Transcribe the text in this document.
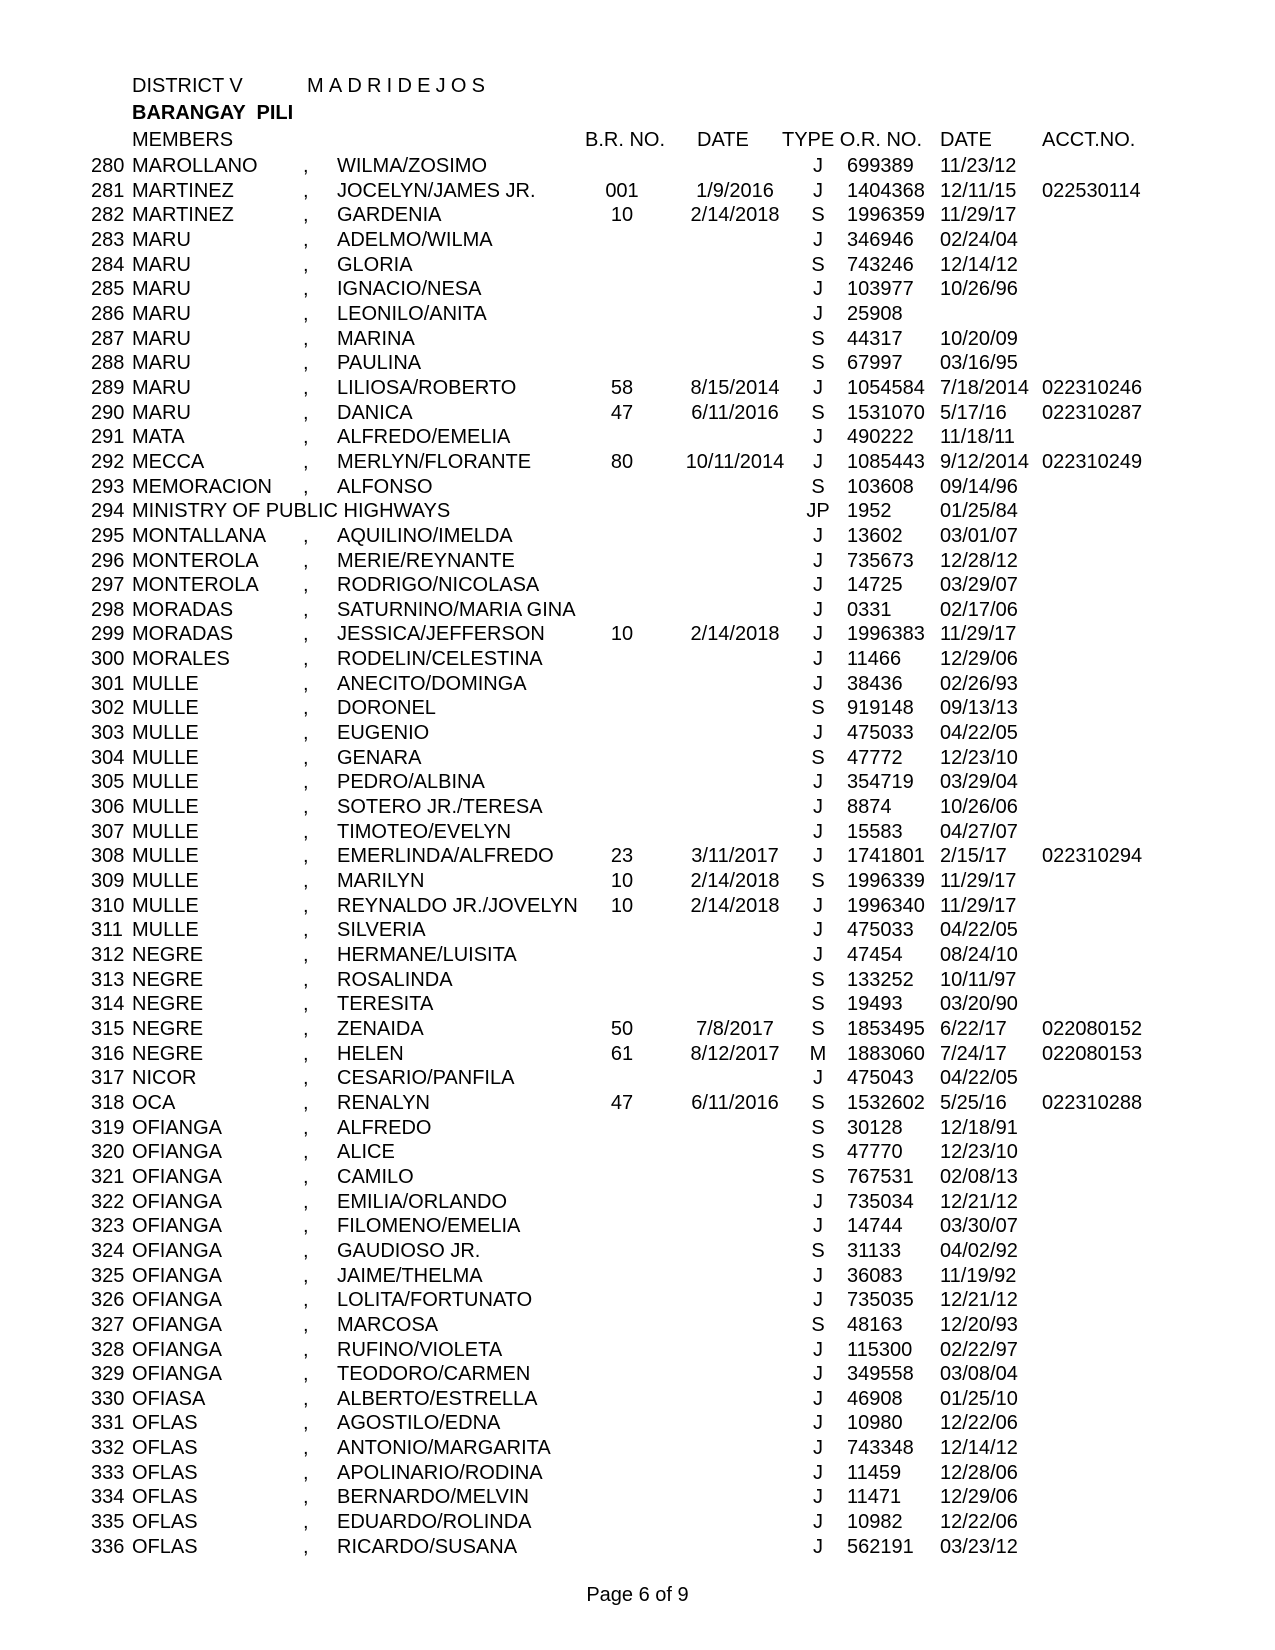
DISTRICT V	MADRIDEJOS
BARANGAY  PILI
MEMBERS	B.R. NO. DATE TYPE O.R. NO. DATE	ACCT.NO.
280 MAROLLANO , WILMA/ZOSIMO	J 699389 11/23/12
281 MARTINEZ	, JOCELYN/JAMES JR.	001	1/9/2016 J 1404368 12/11/15 022530114
282 MARTINEZ	, GARDENIA	10	2/14/2018 S 1996359 11/29/17
283 MARU	, ADELMO/WILMA	J 346946 02/24/04
284 MARU	, GLORIA	S 743246 12/14/12
285 MARU	, IGNACIO/NESA	J 103977 10/26/96
286 MARU	, LEONILO/ANITA	J 25908
287 MARU	, MARINA	S 44317 10/20/09
288 MARU	, PAULINA	S 67997 03/16/95
289 MARU	, LILIOSA/ROBERTO	58	8/15/2014 J 1054584 7/18/2014 022310246
290 MARU	, DANICA	47	6/11/2016 S 1531070 5/17/16 022310287
291 MATA	, ALFREDO/EMELIA	J 490222 11/18/11
292 MECCA	, MERLYN/FLORANTE	80	10/11/2014 J 1085443 9/12/2014 022310249
293 MEMORACION , ALFONSO	S 103608 09/14/96
294 MINISTRY OF PUBLIC HIGHWAYS	JP 1952 01/25/84
295 MONTALLANA , AQUILINO/IMELDA	J 13602 03/01/07
296 MONTEROLA , MERIE/REYNANTE	J 735673 12/28/12
297 MONTEROLA , RODRIGO/NICOLASA	J 14725 03/29/07
298 MORADAS	, SATURNINO/MARIA GINA	J 0331 02/17/06
299 MORADAS	, JESSICA/JEFFERSON	10	2/14/2018 J 1996383 11/29/17
300 MORALES	, RODELIN/CELESTINA	J 11466 12/29/06
301 MULLE	, ANECITO/DOMINGA	J 38436 02/26/93
302 MULLE	, DORONEL	S 919148 09/13/13
303 MULLE	, EUGENIO	J 475033 04/22/05
304 MULLE	, GENARA	S 47772 12/23/10
305 MULLE	, PEDRO/ALBINA	J 354719 03/29/04
306 MULLE	, SOTERO JR./TERESA	J 8874 10/26/06
307 MULLE	, TIMOTEO/EVELYN	J 15583 04/27/07
308 MULLE	, EMERLINDA/ALFREDO	23	3/11/2017 J 1741801 2/15/17 022310294
309 MULLE	, MARILYN	10	2/14/2018 S 1996339 11/29/17
310 MULLE	, REYNALDO JR./JOVELYN 10	2/14/2018 J 1996340 11/29/17
311 MULLE	, SILVERIA	J 475033 04/22/05
312 NEGRE	, HERMANE/LUISITA	J 47454 08/24/10
313 NEGRE	, ROSALINDA	S 133252 10/11/97
314 NEGRE	, TERESITA	S 19493 03/20/90
315 NEGRE	, ZENAIDA	50	7/8/2017 S 1853495 6/22/17 022080152
316 NEGRE	, HELEN	61	8/12/2017 M 1883060 7/24/17 022080153
317 NICOR	, CESARIO/PANFILA	J 475043 04/22/05
318 OCA	, RENALYN	47	6/11/2016 S 1532602 5/25/16 022310288
319 OFIANGA	, ALFREDO	S 30128 12/18/91
320 OFIANGA	, ALICE	S 47770 12/23/10
321 OFIANGA	, CAMILO	S 767531 02/08/13
322 OFIANGA	, EMILIA/ORLANDO	J 735034 12/21/12
323 OFIANGA	, FILOMENO/EMELIA	J 14744 03/30/07
324 OFIANGA	, GAUDIOSO JR.	S 31133 04/02/92
325 OFIANGA	, JAIME/THELMA	J 36083 11/19/92
326 OFIANGA	, LOLITA/FORTUNATO	J 735035 12/21/12
327 OFIANGA	, MARCOSA	S 48163 12/20/93
328 OFIANGA	, RUFINO/VIOLETA	J 115300 02/22/97
329 OFIANGA	, TEODORO/CARMEN	J 349558 03/08/04
330 OFIASA	, ALBERTO/ESTRELLA	J 46908 01/25/10
331 OFLAS	, AGOSTILO/EDNA	J 10980 12/22/06
332 OFLAS	, ANTONIO/MARGARITA	J 743348 12/14/12
333 OFLAS	, APOLINARIO/RODINA	J 11459 12/28/06
334 OFLAS	, BERNARDO/MELVIN	J 11471 12/29/06
335 OFLAS	, EDUARDO/ROLINDA	J 10982 12/22/06
336 OFLAS	, RICARDO/SUSANA	J 562191 03/23/12
Page 6 of 9
